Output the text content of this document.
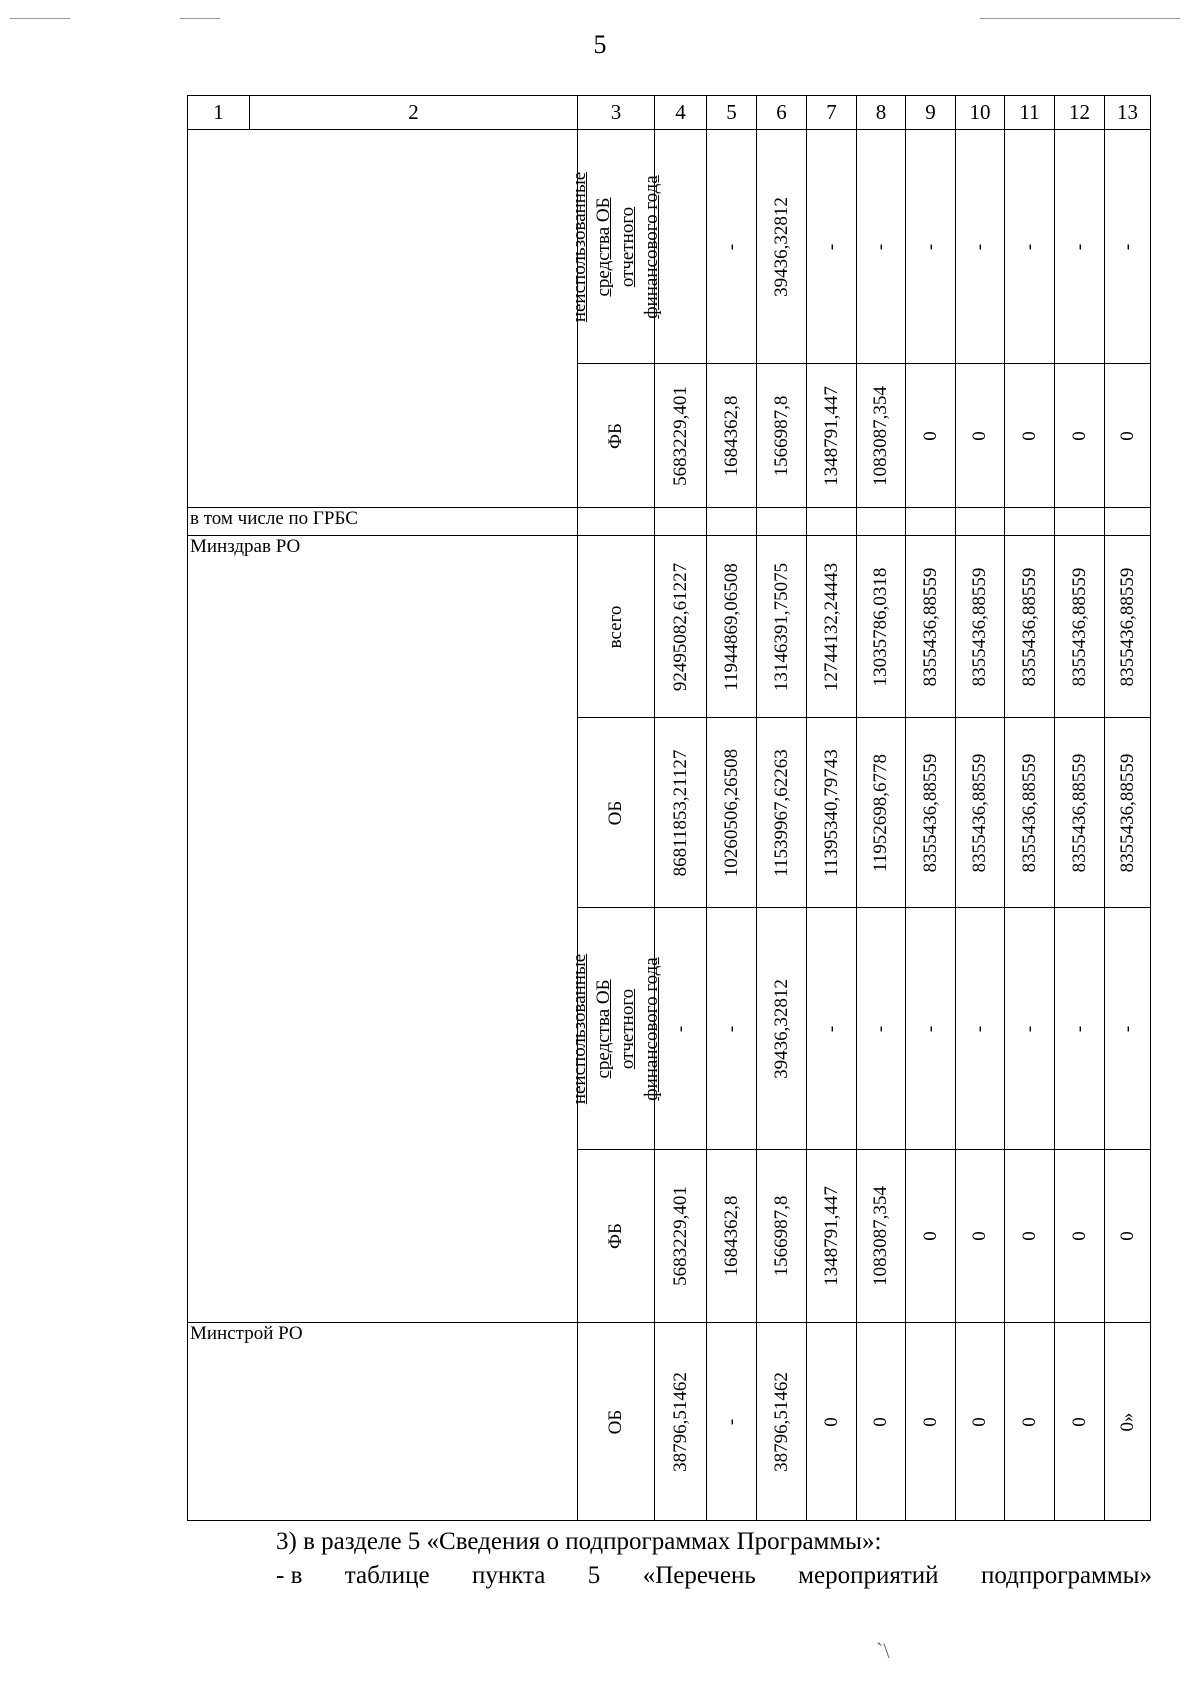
5
`\
1	2	3	4	5	6	7	8	9	10	11	12	13

		неиспользованные
средства ОБ отчетного
финансового года		-	39436,32812	-	-	-	-	-	-	-

		ФБ	5683229,401	1684362,8	1566987,8	1348791,447	1083087,354	0	0	0	0	0

в том числе по ГРБС												
Минздрав РО		всего	92495082,61227	11944869,06508	13146391,75075	12744132,24443	13035786,0318	8355436,88559	8355436,88559	8355436,88559	8355436,88559	8355436,88559

		ОБ	86811853,21127	10260506,26508	11539967,62263	11395340,79743	11952698,6778	8355436,88559	8355436,88559	8355436,88559	8355436,88559	8355436,88559

		неиспользованные
средства ОБ отчетного
финансового года	-	-	39436,32812	-	-	-	-	-	-	-

		ФБ	5683229,401	1684362,8	1566987,8	1348791,447	1083087,354	0	0	0	0	0

Минстрой РО		ОБ	38796,51462	-	38796,51462	0	0	0	0	0	0	0»
3) в разделе 5 «Сведения о подпрограммах Программы»:
- в таблице пункта 5 «Перечень мероприятий подпрограммы»
